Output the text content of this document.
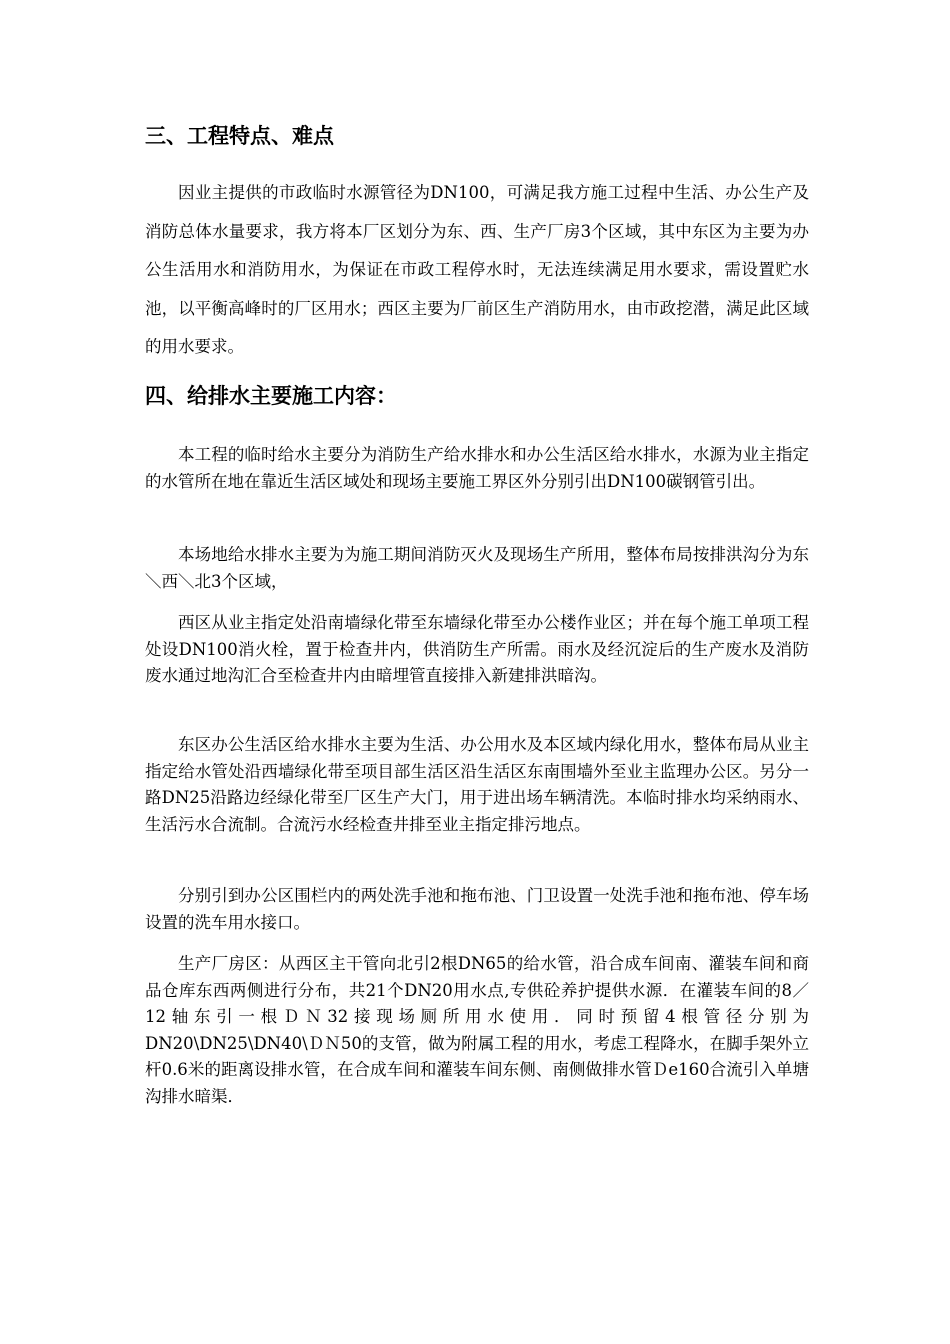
三、工程特点、难点

因业主提供的市政临时水源管径为DN100，可满足我方施工过程中生活、办公生产及消防总体水量要求，我方将本厂区划分为东、西、生产厂房3个区域，其中东区为主要为办公生活用水和消防用水，为保证在市政工程停水时，无法连续满足用水要求，需设置贮水池，以平衡高峰时的厂区用水；西区主要为厂前区生产消防用水，由市政挖潜，满足此区域的用水要求。

四、给排水主要施工内容：

本工程的临时给水主要分为消防生产给水排水和办公生活区给水排水，水源为业主指定的水管所在地在靠近生活区域处和现场主要施工界区外分别引出DN100碳钢管引出。

本场地给水排水主要为为施工期间消防灭火及现场生产所用，整体布局按排洪沟分为东＼西＼北3个区域，

西区从业主指定处沿南墙绿化带至东墙绿化带至办公楼作业区；并在每个施工单项工程处设DN100消火栓，置于检查井内，供消防生产所需。雨水及经沉淀后的生产废水及消防废水通过地沟汇合至检查井内由暗埋管直接排入新建排洪暗沟。

东区办公生活区给水排水主要为生活、办公用水及本区域内绿化用水，整体布局从业主指定给水管处沿西墙绿化带至项目部生活区沿生活区东南围墙外至业主监理办公区。另分一路DN25沿路边经绿化带至厂区生产大门，用于进出场车辆清洗。本临时排水均采纳雨水、生活污水合流制。合流污水经检查井排至业主指定排污地点。

分别引到办公区围栏内的两处洗手池和拖布池、门卫设置一处洗手池和拖布池、停车场设置的洗车用水接口。

生产厂房区：从西区主干管向北引2根DN65的给水管，沿合成车间南、灌装车间和商品仓库东西两侧进行分布，共21个DN20用水点,专供砼养护提供水源．在灌装车间的8／12轴东引一根ＤＮ32接现场厕所用水使用．同时预留4根管径分别为DN20\DN25\DN40\ＤＮ50的支管，做为附属工程的用水，考虑工程降水，在脚手架外立杆0.6米的距离设排水管，在合成车间和灌装车间东侧、南侧做排水管Ｄe160合流引入单塘沟排水暗渠．
